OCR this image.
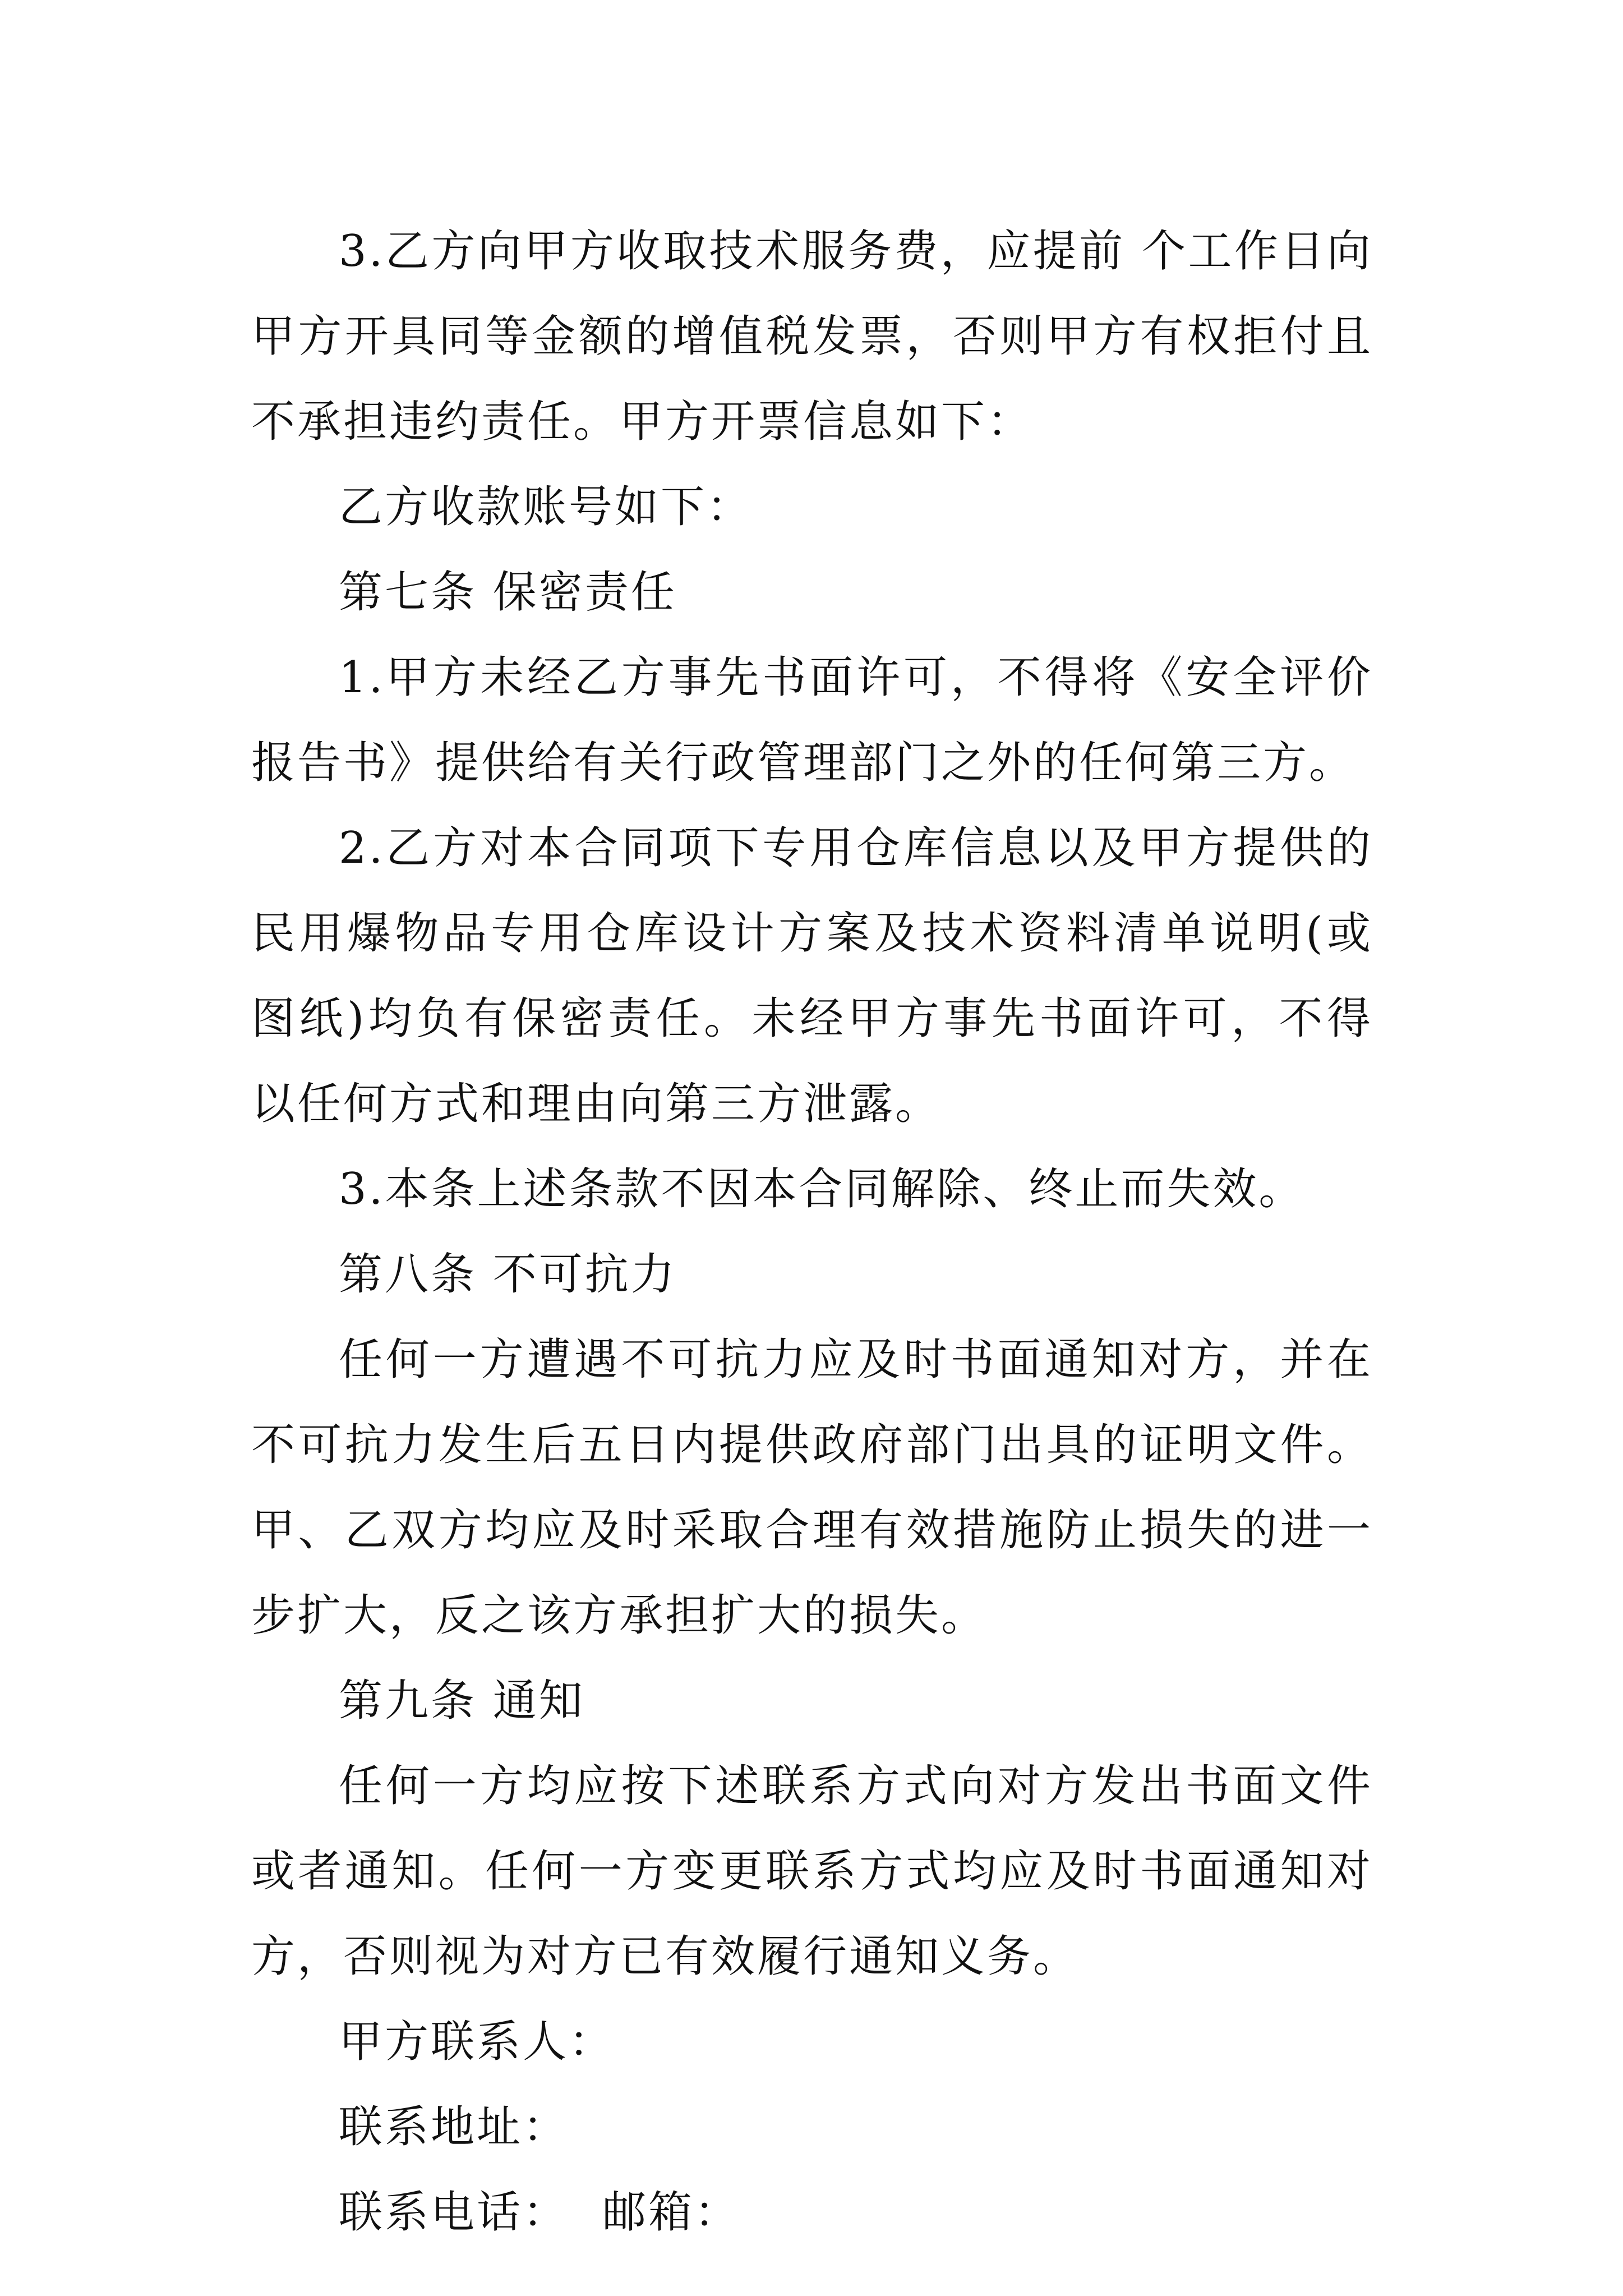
3.乙方向甲方收取技术服务费，应提前 个工作日向甲方开具同等金额的增值税发票，否则甲方有权拒付且不承担违约责任。甲方开票信息如下：

乙方收款账号如下：

第七条 保密责任

1.甲方未经乙方事先书面许可，不得将《安全评价报告书》提供给有关行政管理部门之外的任何第三方。

2.乙方对本合同项下专用仓库信息以及甲方提供的民用爆物品专用仓库设计方案及技术资料清单说明(或图纸)均负有保密责任。未经甲方事先书面许可，不得以任何方式和理由向第三方泄露。

3.本条上述条款不因本合同解除、终止而失效。

第八条 不可抗力

任何一方遭遇不可抗力应及时书面通知对方，并在不可抗力发生后五日内提供政府部门出具的证明文件。甲、乙双方均应及时采取合理有效措施防止损失的进一步扩大，反之该方承担扩大的损失。

第九条 通知

任何一方均应按下述联系方式向对方发出书面文件或者通知。任何一方变更联系方式均应及时书面通知对方，否则视为对方已有效履行通知义务。

甲方联系人：

联系地址：

联系电话： 邮箱：
